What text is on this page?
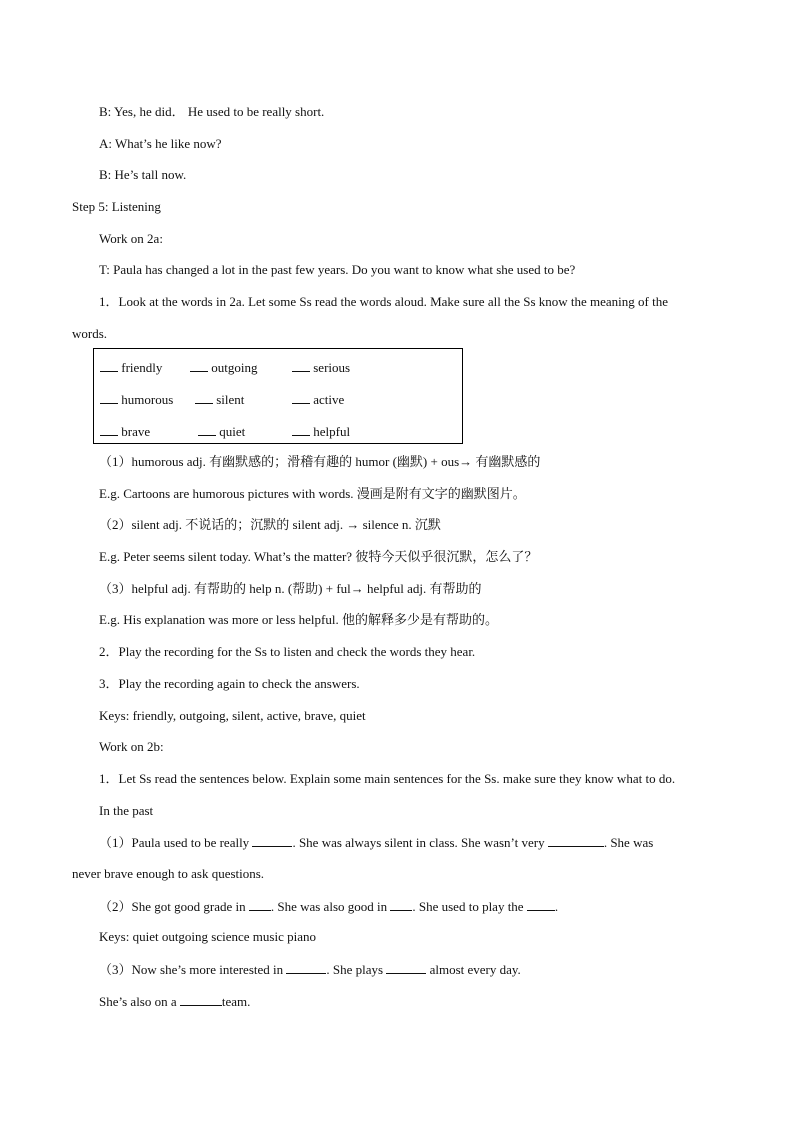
B: Yes, he did． He used to be really short.
A: What’s he like now?
B: He’s tall now.
Step 5: Listening
Work on 2a:
T: Paula has changed a lot in the past few years. Do you want to know what she used to be?
1．Look at the words in 2a. Let some Ss read the words aloud. Make sure all the Ss know the meaning of the
words.
friendly	outgoing	serious
humorous	silent	active
brave	quiet	helpful
（1）humorous adj. 有幽默感的；滑稽有趣的 humor (幽默) + ous→ 有幽默感的
E.g. Cartoons are humorous pictures with words. 漫画是附有文字的幽默图片。
（2）silent adj. 不说话的；沉默的 silent adj. → silence n. 沉默
E.g. Peter seems silent today. What’s the matter? 彼特今天似乎很沉默，怎么了？
（3）helpful adj. 有帮助的 help n. (帮助) + ful→ helpful adj. 有帮助的
E.g. His explanation was more or less helpful. 他的解释多少是有帮助的。
2．Play the recording for the Ss to listen and check the words they hear.
3．Play the recording again to check the answers.
Keys: friendly, outgoing, silent, active, brave, quiet
Work on 2b:
1．Let Ss read the sentences below. Explain some main sentences for the Ss. make sure they know what to do.
In the past
（1）Paula used to be really	. She was always silent in class. She wasn’t very	. She was
never brave enough to ask questions.
（2）She got good grade in . She was also good in . She used to play the .
Keys: quiet outgoing science music piano
（3）Now she’s more interested in	. She plays	almost every day.
She’s also on a	team.
